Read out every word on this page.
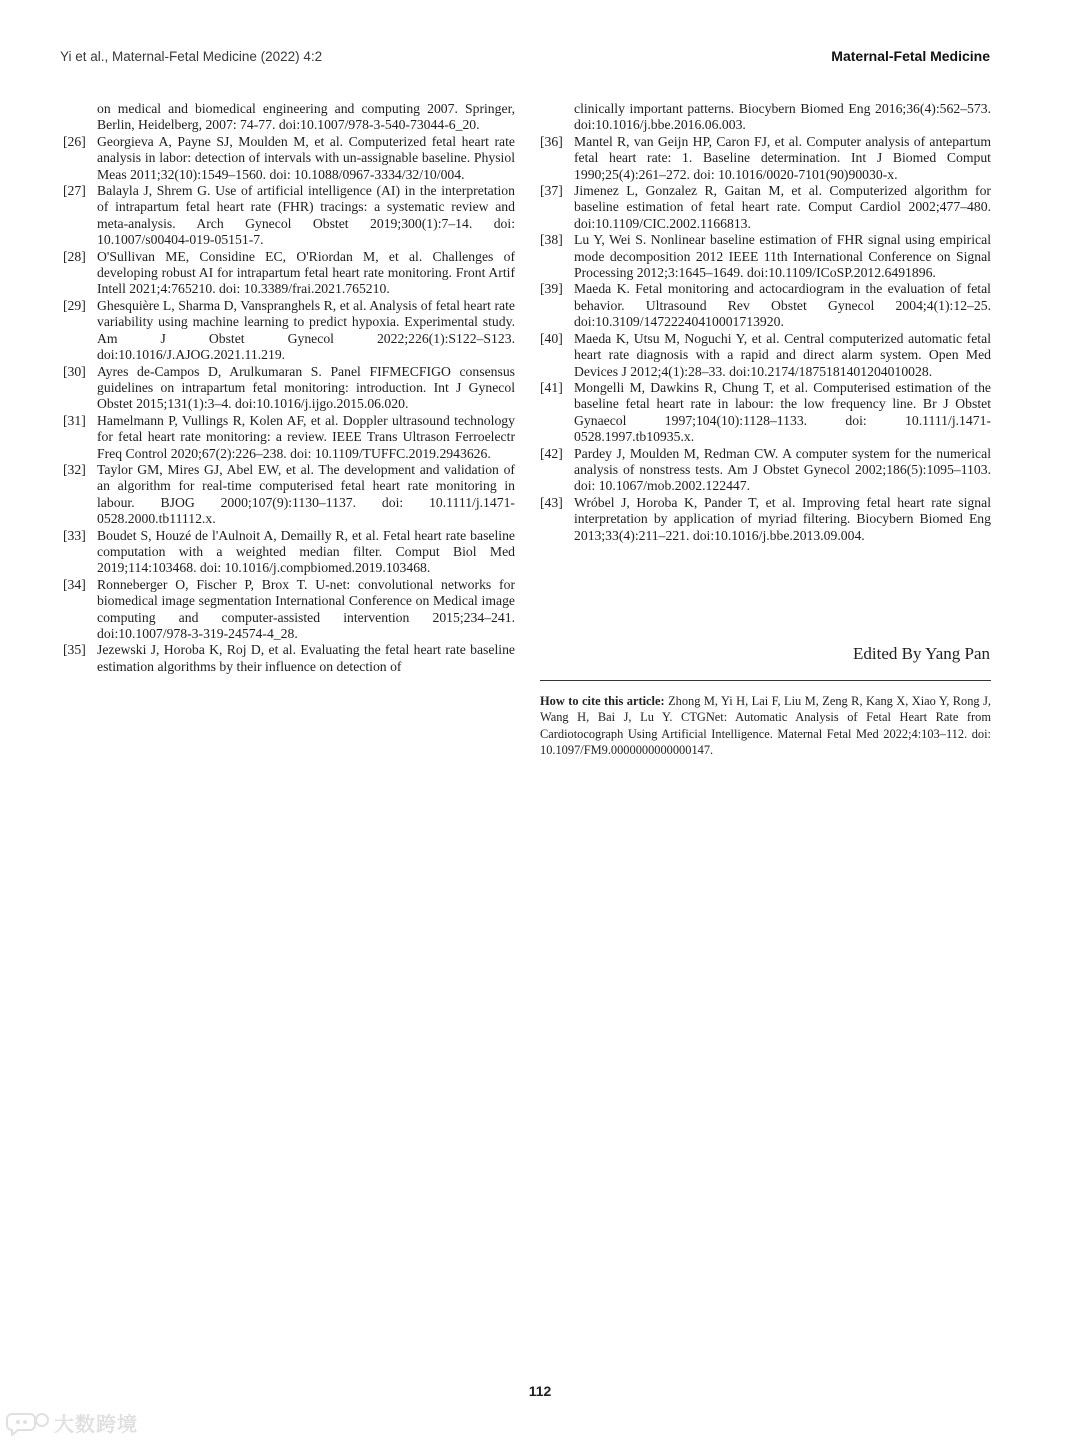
Yi et al., Maternal-Fetal Medicine (2022) 4:2	Maternal-Fetal Medicine
on medical and biomedical engineering and computing 2007. Springer, Berlin, Heidelberg, 2007: 74-77. doi:10.1007/978-3-540-73044-6_20.
[26] Georgieva A, Payne SJ, Moulden M, et al. Computerized fetal heart rate analysis in labor: detection of intervals with un-assignable baseline. Physiol Meas 2011;32(10):1549–1560. doi: 10.1088/0967-3334/32/10/004.
[27] Balayla J, Shrem G. Use of artificial intelligence (AI) in the interpretation of intrapartum fetal heart rate (FHR) tracings: a systematic review and meta-analysis. Arch Gynecol Obstet 2019;300(1):7–14. doi: 10.1007/s00404-019-05151-7.
[28] O'Sullivan ME, Considine EC, O'Riordan M, et al. Challenges of developing robust AI for intrapartum fetal heart rate monitoring. Front Artif Intell 2021;4:765210. doi: 10.3389/frai.2021.765210.
[29] Ghesquière L, Sharma D, Vanspranghels R, et al. Analysis of fetal heart rate variability using machine learning to predict hypoxia. Experimental study. Am J Obstet Gynecol 2022;226(1):S122–S123. doi:10.1016/J.AJOG.2021.11.219.
[30] Ayres de-Campos D, Arulkumaran S. Panel FIFMECFIGO consensus guidelines on intrapartum fetal monitoring: introduction. Int J Gynecol Obstet 2015;131(1):3–4. doi:10.1016/j.ijgo.2015.06.020.
[31] Hamelmann P, Vullings R, Kolen AF, et al. Doppler ultrasound technology for fetal heart rate monitoring: a review. IEEE Trans Ultrason Ferroelectr Freq Control 2020;67(2):226–238. doi: 10.1109/TUFFC.2019.2943626.
[32] Taylor GM, Mires GJ, Abel EW, et al. The development and validation of an algorithm for real-time computerised fetal heart rate monitoring in labour. BJOG 2000;107(9):1130–1137. doi: 10.1111/j.1471-0528.2000.tb11112.x.
[33] Boudet S, Houzé de l'Aulnoit A, Demailly R, et al. Fetal heart rate baseline computation with a weighted median filter. Comput Biol Med 2019;114:103468. doi: 10.1016/j.compbiomed.2019.103468.
[34] Ronneberger O, Fischer P, Brox T. U-net: convolutional networks for biomedical image segmentation International Conference on Medical image computing and computer-assisted intervention 2015;234–241. doi:10.1007/978-3-319-24574-4_28.
[35] Jezewski J, Horoba K, Roj D, et al. Evaluating the fetal heart rate baseline estimation algorithms by their influence on detection of
clinically important patterns. Biocybern Biomed Eng 2016;36(4):562–573. doi:10.1016/j.bbe.2016.06.003.
[36] Mantel R, van Geijn HP, Caron FJ, et al. Computer analysis of antepartum fetal heart rate: 1. Baseline determination. Int J Biomed Comput 1990;25(4):261–272. doi: 10.1016/0020-7101(90)90030-x.
[37] Jimenez L, Gonzalez R, Gaitan M, et al. Computerized algorithm for baseline estimation of fetal heart rate. Comput Cardiol 2002;477–480. doi:10.1109/CIC.2002.1166813.
[38] Lu Y, Wei S. Nonlinear baseline estimation of FHR signal using empirical mode decomposition 2012 IEEE 11th International Conference on Signal Processing 2012;3:1645–1649. doi:10.1109/ICoSP.2012.6491896.
[39] Maeda K. Fetal monitoring and actocardiogram in the evaluation of fetal behavior. Ultrasound Rev Obstet Gynecol 2004;4(1):12–25. doi:10.3109/14722240410001713920.
[40] Maeda K, Utsu M, Noguchi Y, et al. Central computerized automatic fetal heart rate diagnosis with a rapid and direct alarm system. Open Med Devices J 2012;4(1):28–33. doi:10.2174/1875181401204010028.
[41] Mongelli M, Dawkins R, Chung T, et al. Computerised estimation of the baseline fetal heart rate in labour: the low frequency line. Br J Obstet Gynaecol 1997;104(10):1128–1133. doi: 10.1111/j.1471-0528.1997.tb10935.x.
[42] Pardey J, Moulden M, Redman CW. A computer system for the numerical analysis of nonstress tests. Am J Obstet Gynecol 2002;186(5):1095–1103. doi: 10.1067/mob.2002.122447.
[43] Wróbel J, Horoba K, Pander T, et al. Improving fetal heart rate signal interpretation by application of myriad filtering. Biocybern Biomed Eng 2013;33(4):211–221. doi:10.1016/j.bbe.2013.09.004.
Edited By Yang Pan
How to cite this article: Zhong M, Yi H, Lai F, Liu M, Zeng R, Kang X, Xiao Y, Rong J, Wang H, Bai J, Lu Y. CTGNet: Automatic Analysis of Fetal Heart Rate from Cardiotocograph Using Artificial Intelligence. Maternal Fetal Med 2022;4:103–112. doi: 10.1097/FM9.0000000000000147.
112
大数跨境
